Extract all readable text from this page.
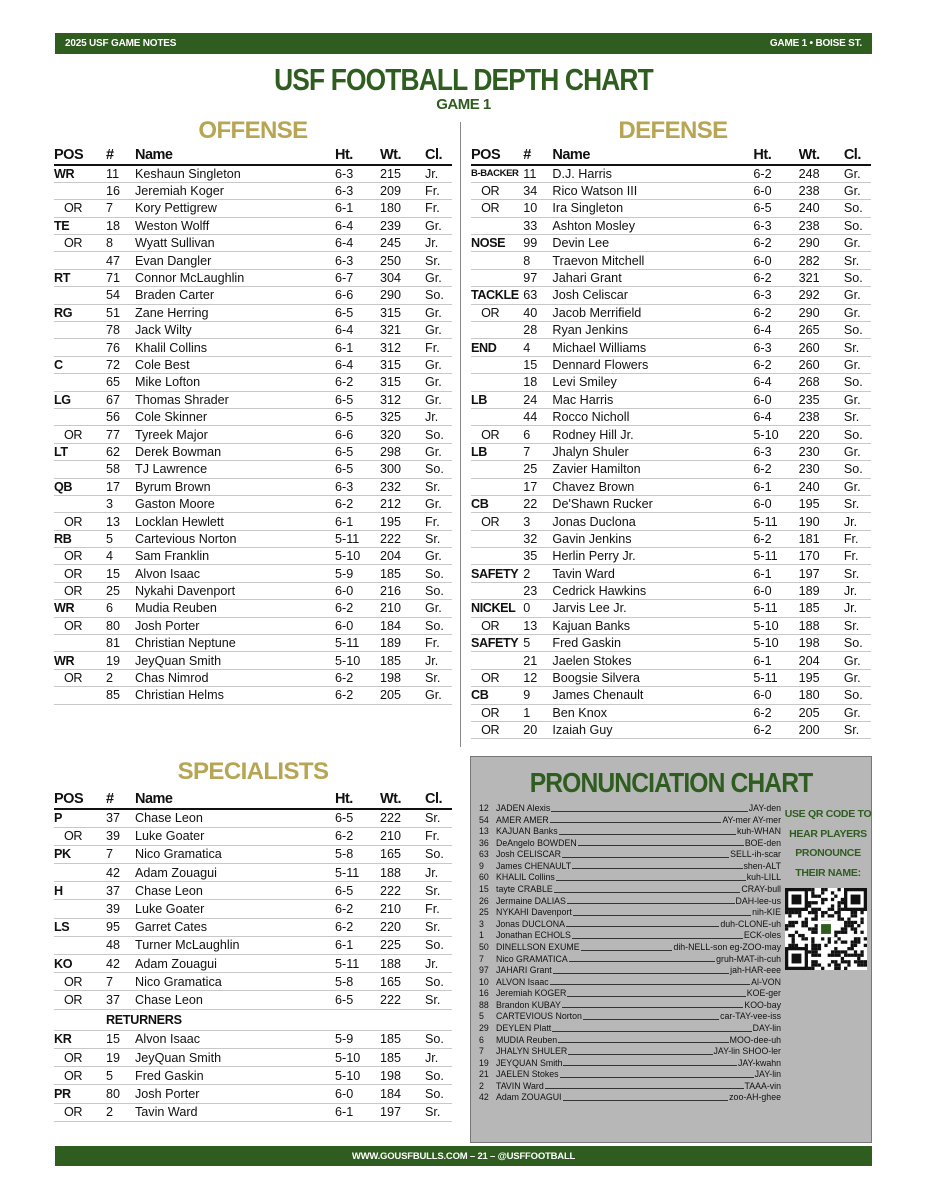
2025 USF GAME NOTES	GAME 1 • BOISE ST.
USF FOOTBALL DEPTH CHART
GAME 1
OFFENSE
POS	#	Name	Ht.	Wt.	Cl.
WR	11	Keshaun Singleton	6-3	215	Jr.
	16	Jeremiah Koger	6-3	209	Fr.
OR	7	Kory Pettigrew	6-1	180	Fr.
TE	18	Weston Wolff	6-4	239	Gr.
OR	8	Wyatt Sullivan	6-4	245	Jr.
	47	Evan Dangler	6-3	250	Sr.
RT	71	Connor McLaughlin	6-7	304	Gr.
	54	Braden Carter	6-6	290	So.
RG	51	Zane Herring	6-5	315	Gr.
	78	Jack Wilty	6-4	321	Gr.
	76	Khalil Collins	6-1	312	Fr.
C	72	Cole Best	6-4	315	Gr.
	65	Mike Lofton	6-2	315	Gr.
LG	67	Thomas Shrader	6-5	312	Gr.
	56	Cole Skinner	6-5	325	Jr.
OR	77	Tyreek Major	6-6	320	So.
LT	62	Derek Bowman	6-5	298	Gr.
	58	TJ Lawrence	6-5	300	So.
QB	17	Byrum Brown	6-3	232	Sr.
	3	Gaston Moore	6-2	212	Gr.
OR	13	Locklan Hewlett	6-1	195	Fr.
RB	5	Cartevious Norton	5-11	222	Sr.
OR	4	Sam Franklin	5-10	204	Gr.
OR	15	Alvon Isaac	5-9	185	So.
OR	25	Nykahi Davenport	6-0	216	So.
WR	6	Mudia Reuben	6-2	210	Gr.
OR	80	Josh Porter	6-0	184	So.
	81	Christian Neptune	5-11	189	Fr.
WR	19	JeyQuan Smith	5-10	185	Jr.
OR	2	Chas Nimrod	6-2	198	Sr.
	85	Christian Helms	6-2	205	Gr.
DEFENSE
POS	#	Name	Ht.	Wt.	Cl.
B-BACKER	11	D.J. Harris	6-2	248	Gr.
OR	34	Rico Watson III	6-0	238	Gr.
OR	10	Ira Singleton	6-5	240	So.
	33	Ashton Mosley	6-3	238	So.
NOSE	99	Devin Lee	6-2	290	Gr.
	8	Traevon Mitchell	6-0	282	Sr.
	97	Jahari Grant	6-2	321	So.
TACKLE	63	Josh Celiscar	6-3	292	Gr.
OR	40	Jacob Merrifield	6-2	290	Gr.
	28	Ryan Jenkins	6-4	265	So.
END	4	Michael Williams	6-3	260	Sr.
	15	Dennard Flowers	6-2	260	Gr.
	18	Levi Smiley	6-4	268	So.
LB	24	Mac Harris	6-0	235	Gr.
	44	Rocco Nicholl	6-4	238	Sr.
OR	6	Rodney Hill Jr.	5-10	220	So.
LB	7	Jhalyn Shuler	6-3	230	Gr.
	25	Zavier Hamilton	6-2	230	So.
	17	Chavez Brown	6-1	240	Gr.
CB	22	De'Shawn Rucker	6-0	195	Sr.
OR	3	Jonas Duclona	5-11	190	Jr.
	32	Gavin Jenkins	6-2	181	Fr.
	35	Herlin Perry Jr.	5-11	170	Fr.
SAFETY	2	Tavin Ward	6-1	197	Sr.
	23	Cedrick Hawkins	6-0	189	Jr.
NICKEL	0	Jarvis Lee Jr.	5-11	185	Jr.
OR	13	Kajuan Banks	5-10	188	Sr.
SAFETY	5	Fred Gaskin	5-10	198	So.
	21	Jaelen Stokes	6-1	204	Gr.
OR	12	Boogsie Silvera	5-11	195	Gr.
CB	9	James Chenault	6-0	180	So.
OR	1	Ben Knox	6-2	205	Gr.
OR	20	Izaiah Guy	6-2	200	Sr.
SPECIALISTS
POS	#	Name	Ht.	Wt.	Cl.
P	37	Chase Leon	6-5	222	Sr.
OR	39	Luke Goater	6-2	210	Fr.
PK	7	Nico Gramatica	5-8	165	So.
	42	Adam Zouagui	5-11	188	Jr.
H	37	Chase Leon	6-5	222	Sr.
	39	Luke Goater	6-2	210	Fr.
LS	95	Garret Cates	6-2	220	Sr.
	48	Turner McLaughlin	6-1	225	So.
KO	42	Adam Zouagui	5-11	188	Jr.
OR	7	Nico Gramatica	5-8	165	So.
OR	37	Chase Leon	6-5	222	Sr.
	RETURNERS				
KR	15	Alvon Isaac	5-9	185	So.
OR	19	JeyQuan Smith	5-10	185	Jr.
OR	5	Fred Gaskin	5-10	198	So.
PR	80	Josh Porter	6-0	184	So.
OR	2	Tavin Ward	6-1	197	Sr.
PRONUNCIATION CHART
12 JADEN Alexis	JAY-den
54 AMER AMER	AY-mer AY-mer
13 KAJUAN Banks	kuh-WHAN
36 DeAngelo BOWDEN	BOE-den
63 Josh CELISCAR	SELL-ih-scar
9	James CHENAULT	shen-ALT
60 KHALIL Collins	kuh-LILL
15 tayte CRABLE	CRAY-bull
26 Jermaine DALIAS	DAH-lee-us
25 NYKAHI Davenport	nih-KIE
3	Jonas DUCLONA	duh-CLONE-uh
1	Jonathan ECHOLS	ECK-oles
50 DINELLSON EXUME	dih-NELL-son eg-ZOO-may
7	Nico GRAMATICA	gruh-MAT-ih-cuh
97 JAHARI Grant	jah-HAR-eee
10 ALVON Isaac	Al-VON
16 Jeremiah KOGER	KOE-ger
88 Brandon KUBAY	KOO-bay
5	CARTEVIOUS Norton	car-TAY-vee-iss
29 DEYLEN Platt	DAY-lin
6	MUDIA Reuben	MOO-dee-uh
7	JHALYN SHULER	JAY-lin SHOO-ler
19 JEYQUAN Smith	JAY-kwahn
21 JAELEN Stokes	JAY-lin
2	TAVIN Ward	TAAA-vin
42 Adam ZOUAGUI	zoo-AH-ghee
USE QR CODE TO HEAR PLAYERS PRONOUNCE THEIR NAME:
WWW.GOUSFBULLS.COM – 21 – @USFFOOTBALL
